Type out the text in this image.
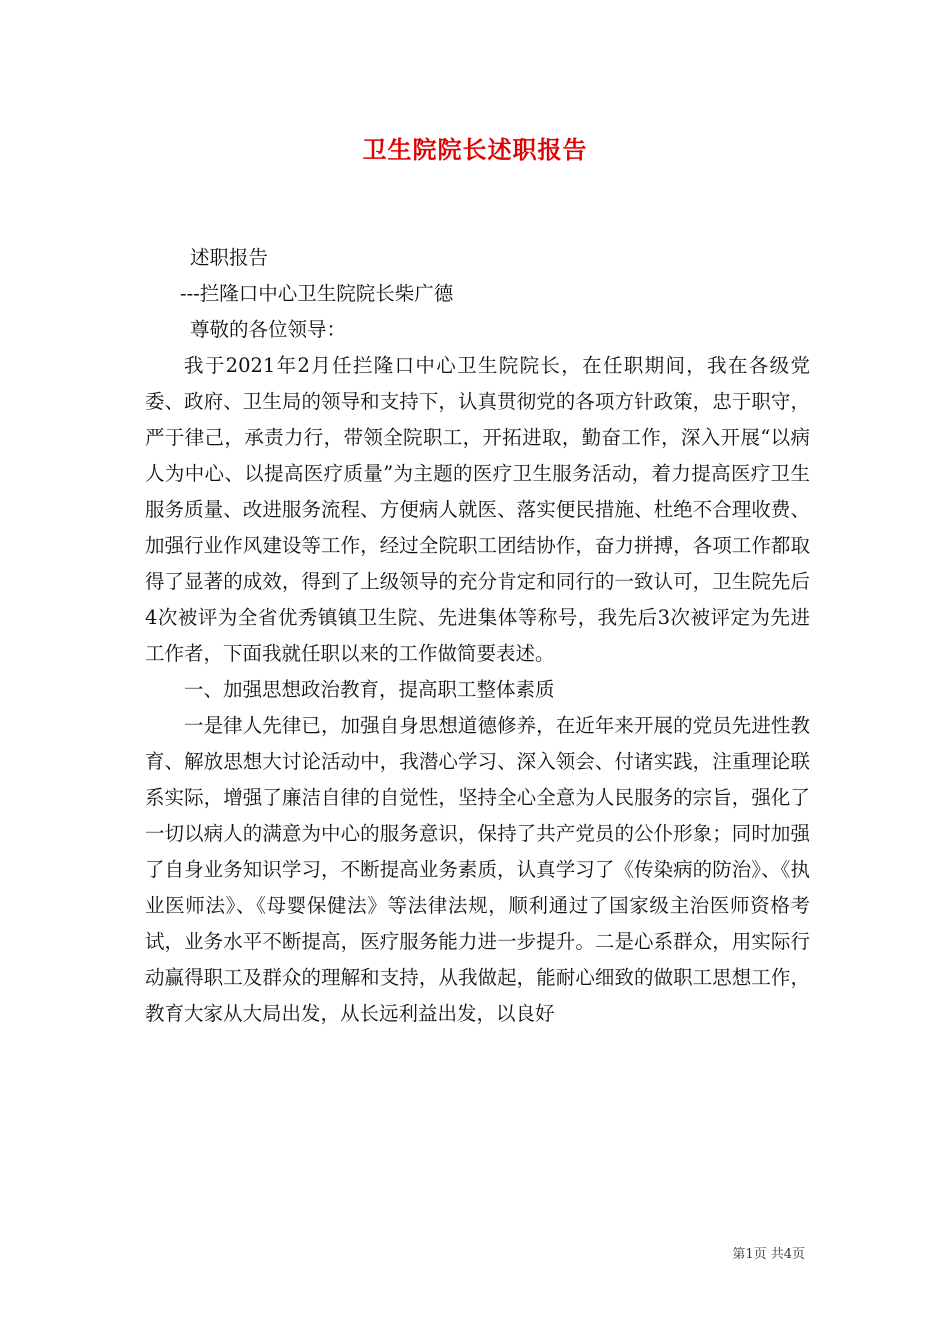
卫生院院长述职报告
述职报告
---拦隆口中心卫生院院长柴广德
尊敬的各位领导：

我于2021年2月任拦隆口中心卫生院院长，在任职期间，我在各级党委、政府、卫生局的领导和支持下，认真贯彻党的各项方针政策，忠于职守，严于律己，承责力行，带领全院职工，开拓进取，勤奋工作，深入开展“以病人为中心、以提高医疗质量”为主题的医疗卫生服务活动，着力提高医疗卫生服务质量、改进服务流程、方便病人就医、落实便民措施、杜绝不合理收费、加强行业作风建设等工作，经过全院职工团结协作，奋力拼搏，各项工作都取得了显著的成效，得到了上级领导的充分肯定和同行的一致认可，卫生院先后4次被评为全省优秀镇镇卫生院、先进集体等称号，我先后3次被评定为先进工作者，下面我就任职以来的工作做简要表述。

一、加强思想政治教育，提高职工整体素质

一是律人先律已，加强自身思想道德修养，在近年来开展的党员先进性教育、解放思想大讨论活动中，我潜心学习、深入领会、付诸实践，注重理论联系实际，增强了廉洁自律的自觉性，坚持全心全意为人民服务的宗旨，强化了一切以病人的满意为中心的服务意识，保持了共产党员的公仆形象；同时加强了自身业务知识学习，不断提高业务素质，认真学习了《传染病的防治》、《执业医师法》、《母婴保健法》等法律法规，顺利通过了国家级主治医师资格考试，业务水平不断提高，医疗服务能力进一步提升。二是心系群众，用实际行动赢得职工及群众的理解和支持，从我做起，能耐心细致的做职工思想工作，教育大家从大局出发，从长远利益出发，以良好

第1页 共4页
